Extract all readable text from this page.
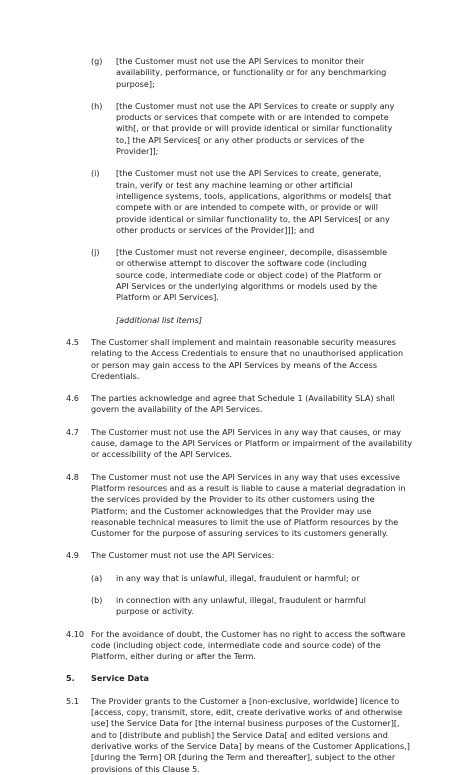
(g)	[the Customer must not use the API Services to monitor their availability, performance, or functionality or for any benchmarking purpose];
(h)	[the Customer must not use the API Services to create or supply any products or services that compete with or are intended to compete with[, or that provide or will provide identical or similar functionality to,] the API Services[ or any other products or services of the Provider]];
(i)	[the Customer must not use the API Services to create, generate, train, verify or test any machine learning or other artificial intelligence systems, tools, applications, algorithms or models[ that compete with or are intended to compete with, or provide or will provide identical or similar functionality to, the API Services[ or any other products or services of the Provider]]]; and
(j)	[the Customer must not reverse engineer, decompile, disassemble or otherwise attempt to discover the software code (including source code, intermediate code or object code) of the Platform or API Services or the underlying algorithms or models used by the Platform or API Services].
[additional list items]
4.5	The Customer shall implement and maintain reasonable security measures relating to the Access Credentials to ensure that no unauthorised application or person may gain access to the API Services by means of the Access Credentials.
4.6	The parties acknowledge and agree that Schedule 1 (Availability SLA) shall govern the availability of the API Services.
4.7	The Customer must not use the API Services in any way that causes, or may cause, damage to the API Services or Platform or impairment of the availability or accessibility of the API Services.
4.8	The Customer must not use the API Services in any way that uses excessive Platform resources and as a result is liable to cause a material degradation in the services provided by the Provider to its other customers using the Platform; and the Customer acknowledges that the Provider may use reasonable technical measures to limit the use of Platform resources by the Customer for the purpose of assuring services to its customers generally.
4.9	The Customer must not use the API Services:
(a)	in any way that is unlawful, illegal, fraudulent or harmful; or
(b)	in connection with any unlawful, illegal, fraudulent or harmful purpose or activity.
4.10 For the avoidance of doubt, the Customer has no right to access the software code (including object code, intermediate code and source code) of the Platform, either during or after the Term.
5.	Service Data
5.1	The Provider grants to the Customer a [non-exclusive, worldwide] licence to [access, copy, transmit, store, edit, create derivative works of and otherwise use] the Service Data for [the internal business purposes of the Customer][, and to [distribute and publish] the Service Data[ and edited versions and derivative works of the Service Data] by means of the Customer Applications,] [during the Term] OR [during the Term and thereafter], subject to the other provisions of this Clause 5.
